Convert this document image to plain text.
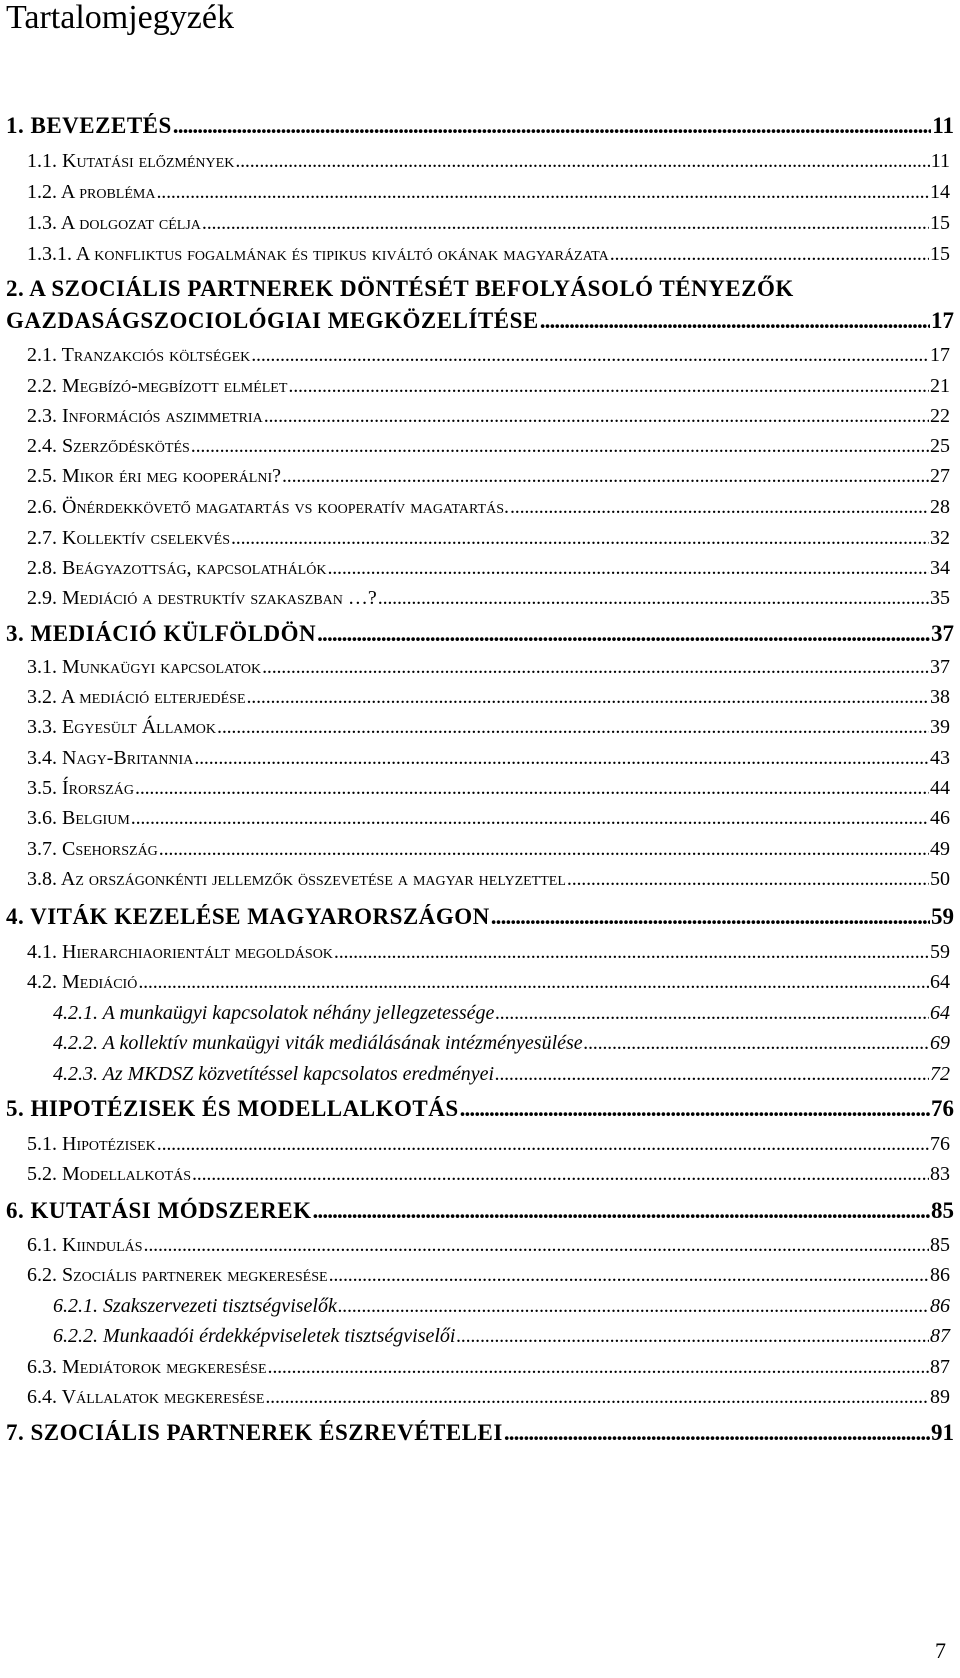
Tartalomjegyzék
1. BEVEZETÉS . . .	11
1.1. Kutatási előzmények . . .	11
1.2. A probléma . . .	14
1.3. A dolgozat célja . . .	15
1.3.1. A konfliktus fogalmának és tipikus kiváltó okának magyarázata . . .	15
2. A SZOCIÁLIS PARTNEREK DÖNTÉSÉT BEFOLYÁSOLÓ TÉNYEZŐK
GAZDASÁGSZOCIOLÓGIAI MEGKÖZELÍTÉSE . . .	17
2.1. Tranzakciós költségek . . .	17
2.2. Megbízó-megbízott elmélet . . .	21
2.3. Információs aszimmetria . . .	22
2.4. Szerződéskötés . . .	25
2.5. Mikor éri meg kooperálni? . . .	27
2.6. Önérdekkövető magatartás vs kooperatív magatartás. . . .	28
2.7. Kollektív cselekvés . . .	32
2.8. Beágyazottság, kapcsolathálók . . .	34
2.9. Mediáció a destruktív szakaszban …? . . .	35
3. MEDIÁCIÓ KÜLFÖLDÖN . . .	37
3.1. Munkaügyi kapcsolatok . . .	37
3.2. A mediáció elterjedése . . .	38
3.3. Egyesült Államok . . .	39
3.4. Nagy-Britannia . . .	43
3.5. Írország . . .	44
3.6. Belgium . . .	46
3.7. Csehország . . .	49
3.8. Az országonkénti jellemzők összevetése a magyar helyzettel . . .	50
4. VITÁK KEZELÉSE MAGYARORSZÁGON . . .	59
4.1. Hierarchiaorientált megoldások . . .	59
4.2. Mediáció . . .	64
4.2.1. A munkaügyi kapcsolatok néhány jellegzetessége . . .	64
4.2.2. A kollektív munkaügyi viták mediálásának intézményesülése . . .	69
4.2.3. Az MKDSZ közvetítéssel kapcsolatos eredményei . . .	72
5. HIPOTÉZISEK ÉS MODELLALKOTÁS . . .	76
5.1. Hipotézisek . . .	76
5.2. Modellalkotás . . .	83
6. KUTATÁSI MÓDSZEREK . . .	85
6.1. Kiindulás . . .	85
6.2. Szociális partnerek megkeresése . . .	86
6.2.1. Szakszervezeti tisztségviselők . . .	86
6.2.2. Munkaadói érdekképviseletek tisztségviselői . . .	87
6.3. Mediátorok megkeresése . . .	87
6.4. Vállalatok megkeresése . . .	89
7. SZOCIÁLIS PARTNEREK ÉSZREVÉTELEI . . .	91
7
